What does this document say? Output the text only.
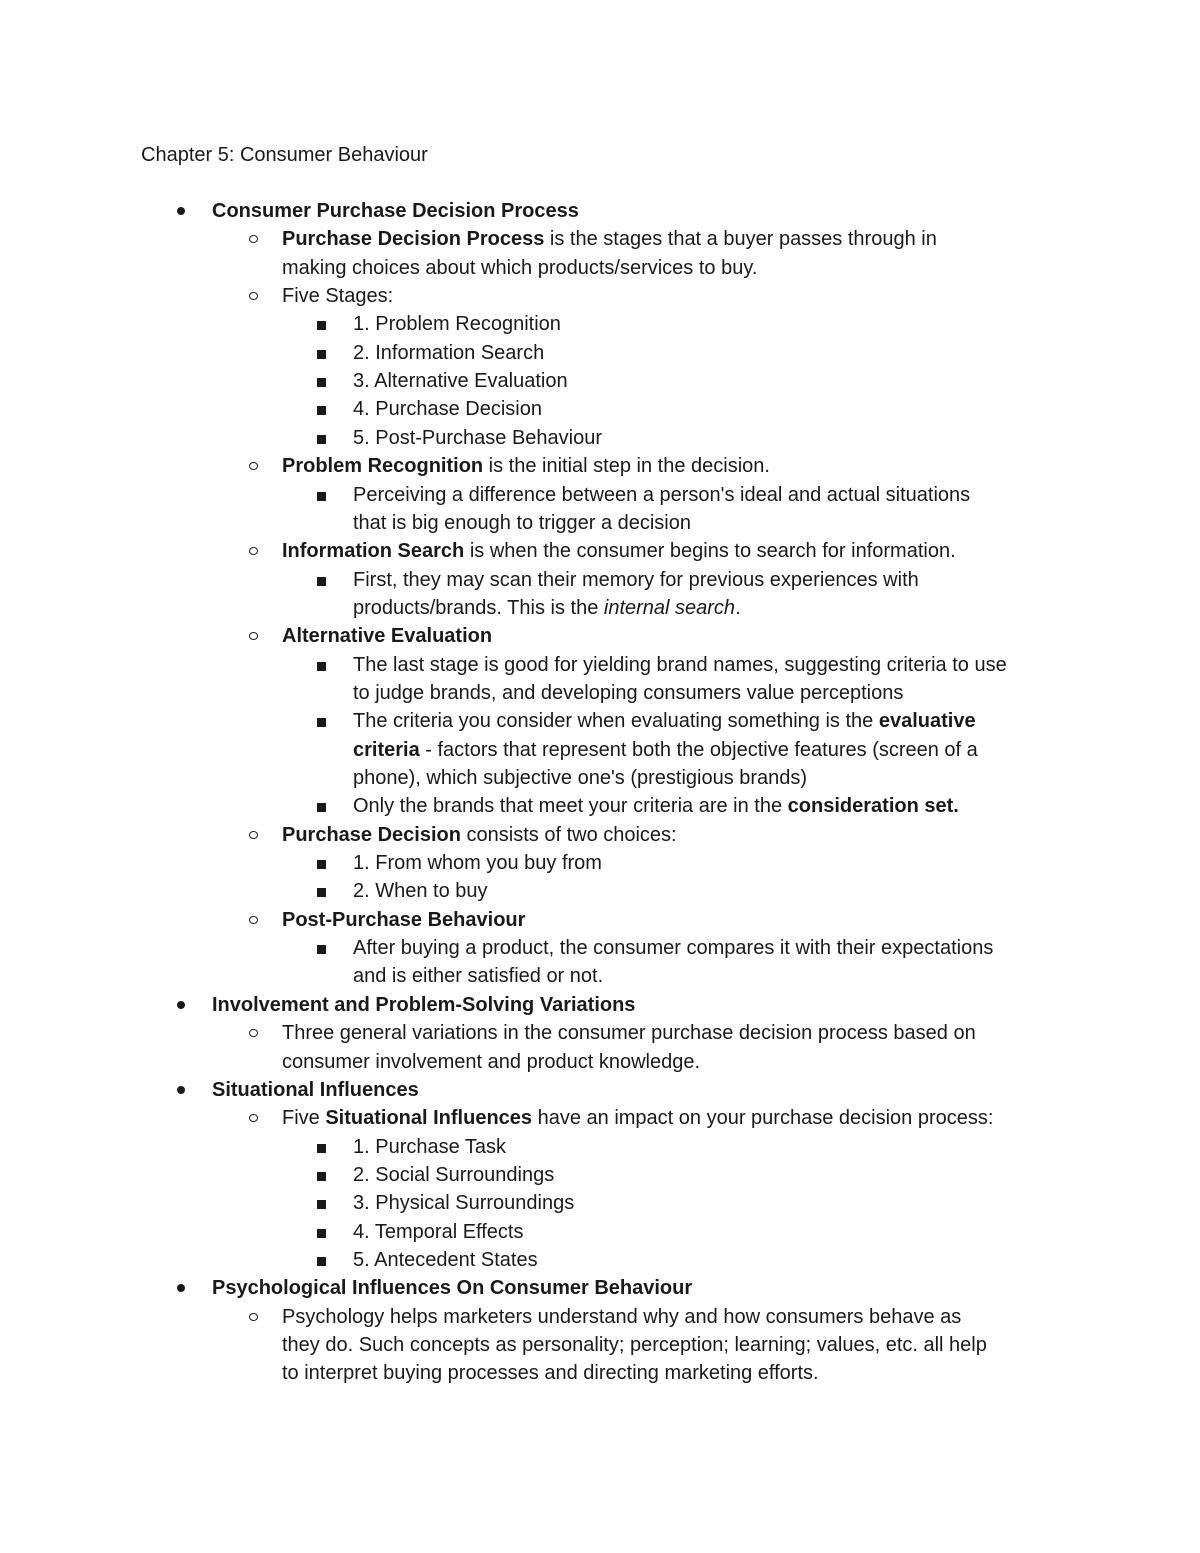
Chapter 5: Consumer Behaviour
Consumer Purchase Decision Process
Purchase Decision Process is the stages that a buyer passes through in
making choices about which products/services to buy.
Five Stages:
1. Problem Recognition
2. Information Search
3. Alternative Evaluation
4. Purchase Decision
5. Post-Purchase Behaviour
Problem Recognition is the initial step in the decision.
Perceiving a difference between a person's ideal and actual situations
that is big enough to trigger a decision
Information Search is when the consumer begins to search for information.
First, they may scan their memory for previous experiences with
products/brands. This is the internal search.
Alternative Evaluation
The last stage is good for yielding brand names, suggesting criteria to use
to judge brands, and developing consumers value perceptions
The criteria you consider when evaluating something is the evaluative
criteria - factors that represent both the objective features (screen of a
phone), which subjective one's (prestigious brands)
Only the brands that meet your criteria are in the consideration set.
Purchase Decision consists of two choices:
1. From whom you buy from
2. When to buy
Post-Purchase Behaviour
After buying a product, the consumer compares it with their expectations
and is either satisfied or not.
Involvement and Problem-Solving Variations
Three general variations in the consumer purchase decision process based on
consumer involvement and product knowledge.
Situational Influences
Five Situational Influences have an impact on your purchase decision process:
1. Purchase Task
2. Social Surroundings
3. Physical Surroundings
4. Temporal Effects
5. Antecedent States
Psychological Influences On Consumer Behaviour
Psychology helps marketers understand why and how consumers behave as
they do. Such concepts as personality; perception; learning; values, etc. all help
to interpret buying processes and directing marketing efforts.
